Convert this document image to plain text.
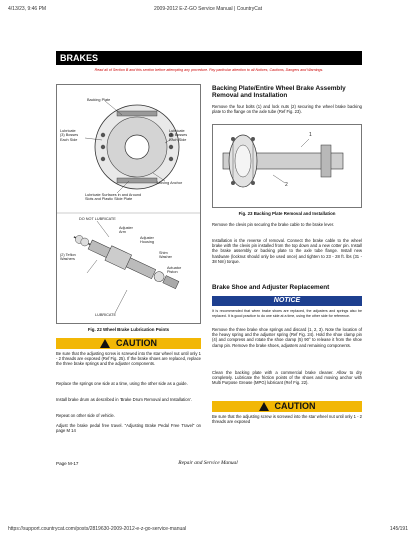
4/13/23, 9:46 PM	2009-2012 E-Z-GO Service Manual | CountryCat
https://support.countrycat.com/posts/2819630-2009-2012-e-z-go-service-manual	145/191
BRAKES
Read all of Section B and this section before attempting any procedure. Pay particular attention to all Notices, Cautions, Dangers and Warnings.
Backing Plate
Lubricate
(3) Bosses
Each Side
Lubricate
(3) Bosses
Each Side
Moving Anchor
Lubricate Surfaces in and Around
Slots and Plastic Slide Plate
DO NOT LUBRICATE
Adjuster
Arm
Adjuster
Housing
(2) Teflon
Washers
Shim
Washer
Actuator
Piston
LUBRICATE
Fig. 22 Wheel Brake Lubrication Points
CAUTION
Be sure that the adjusting screw is screwed into the star wheel nut until only 1 - 2 threads are exposed (Ref Fig. 25). If the brake shoes are replaced, replace the three brake springs and the adjuster components.
Replace the springs one side at a time, using the other side as a guide.
Install brake drum as described in 'Brake Drum Removal and Installation'.
Repeat on other side of vehicle.
Adjust the brake pedal free travel. "Adjusting Brake Pedal Free Travel" on page M 14
Backing Plate/Entire Wheel Brake Assembly Removal and Installation
Remove the four bolts (1) and lock nuts (2) securing the wheel brake backing plate to the flange on the axle tube (Ref Fig. 23).
1
2
Fig. 23 Backing Plate Removal and Installation
Remove the clevis pin securing the brake cable to the brake lever.
Installation is the reverse of removal. Connect the brake cable to the wheel brake with the clevis pin installed from the top down and a new cotter pin. Install the brake assembly or backing plate to the axle tube flange. Install new hardware (locknut should only be used once) and tighten to 23 - 28 ft. lbs (31 - 38 Nm) torque.
Brake Shoe and Adjuster Replacement
NOTICE
It is recommended that when brake shoes are replaced, the adjusters and springs also be replaced. It is good practice to do one side at a time, using the other side for reference.
Remove the three brake shoe springs and discard (1, 2, 3). Note the location of the heavy spring and the adjuster spring (Ref Fig. 24). Hold the shoe clamp pin (4) and compress and rotate the shoe clamp (5) 90° to release it from the shoe clamp pin. Remove the brake shoes, adjusters and remaining components.
Clean the backing plate with a commercial brake cleaner. Allow to dry completely. Lubricate the friction points of the shoes and moving anchor with Multi Purpose Grease (MPG) lubricant (Ref Fig. 22).
CAUTION
Be sure that the adjusting screw is screwed into the star wheel nut until only 1 - 2 threads are exposed
Page M-17	Repair and Service Manual
